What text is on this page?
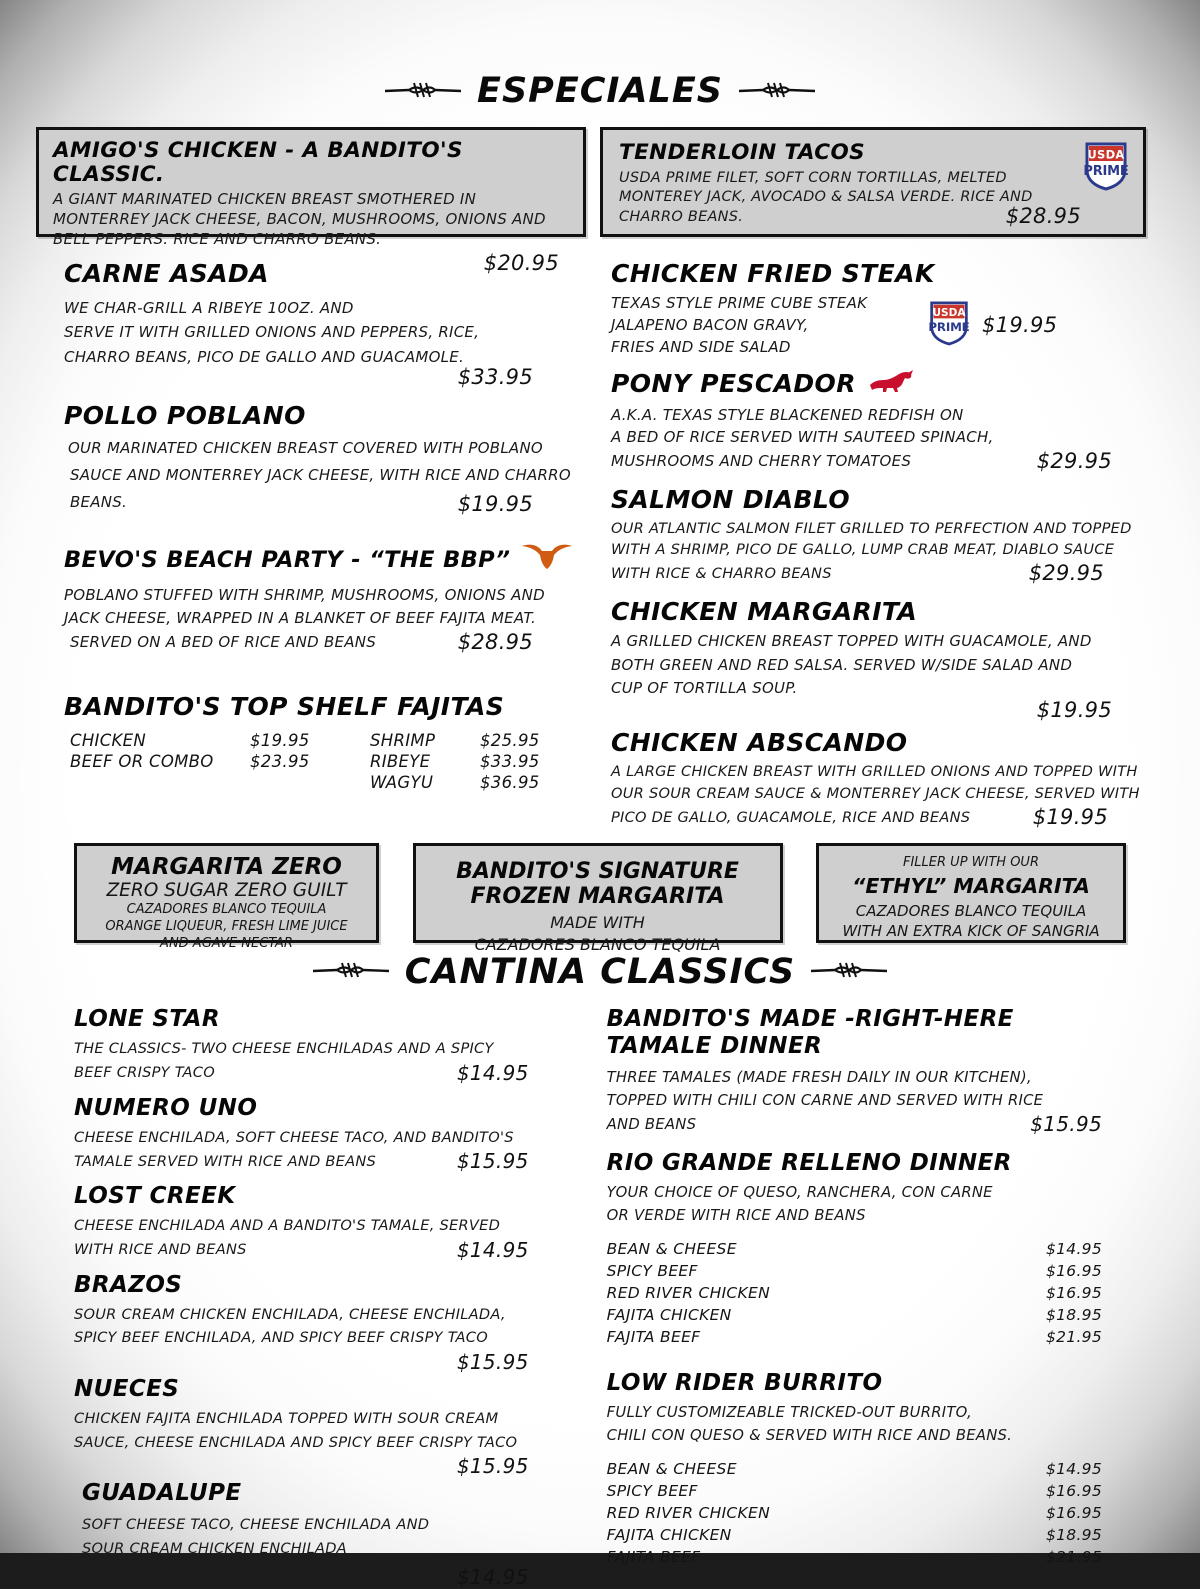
ESPECIALES
AMIGO'S CHICKEN - A BANDITO'S CLASSIC.
A GIANT MARINATED CHICKEN BREAST SMOTHERED IN MONTERREY JACK CHEESE, BACON, MUSHROOMS, ONIONS AND BELL PEPPERS. RICE AND CHARRO BEANS.
$20.95
TENDERLOIN TACOS
USDA PRIME FILET, SOFT CORN TORTILLAS, MELTED MONTEREY JACK, AVOCADO & SALSA VERDE. RICE AND CHARRO BEANS.	$28.95
USDA
PRIME
CARNE ASADA
WE CHAR-GRILL A RIBEYE 10OZ. AND
SERVE IT WITH GRILLED ONIONS AND PEPPERS, RICE,
CHARRO BEANS, PICO DE GALLO AND GUACAMOLE.
$33.95
POLLO POBLANO
OUR MARINATED CHICKEN BREAST COVERED WITH POBLANO
SAUCE AND MONTERREY JACK CHEESE, WITH RICE AND CHARRO
BEANS.	$19.95
BEVO'S BEACH PARTY - “THE BBP”
POBLANO STUFFED WITH SHRIMP, MUSHROOMS, ONIONS AND
JACK CHEESE, WRAPPED IN A BLANKET OF BEEF FAJITA MEAT.
SERVED ON A BED OF RICE AND BEANS	$28.95
BANDITO'S TOP SHELF FAJITAS
CHICKEN	$19.95	SHRIMP	$25.95
BEEF OR COMBO	$23.95	RIBEYE	$33.95
WAGYU	$36.95
CHICKEN FRIED STEAK
TEXAS STYLE PRIME CUBE STEAK
JALAPENO BACON GRAVY,
FRIES AND SIDE SALAD
USDA
PRIME $19.95
PONY PESCADOR
A.K.A. TEXAS STYLE BLACKENED REDFISH ON
A BED OF RICE SERVED WITH SAUTEED SPINACH,
MUSHROOMS AND CHERRY TOMATOES	$29.95
SALMON DIABLO
OUR ATLANTIC SALMON FILET GRILLED TO PERFECTION AND TOPPED
WITH A SHRIMP, PICO DE GALLO, LUMP CRAB MEAT, DIABLO SAUCE
WITH RICE & CHARRO BEANS	$29.95
CHICKEN MARGARITA
A GRILLED CHICKEN BREAST TOPPED WITH GUACAMOLE, AND
BOTH GREEN AND RED SALSA. SERVED W/SIDE SALAD AND
CUP OF TORTILLA SOUP.
$19.95
CHICKEN ABSCANDO
A LARGE CHICKEN BREAST WITH GRILLED ONIONS AND TOPPED WITH
OUR SOUR CREAM SAUCE & MONTERREY JACK CHEESE, SERVED WITH
PICO DE GALLO, GUACAMOLE, RICE AND BEANS	$19.95
MARGARITA ZERO
ZERO SUGAR ZERO GUILT
CAZADORES BLANCO TEQUILA
ORANGE LIQUEUR, FRESH LIME JUICE
AND AGAVE NECTAR
BANDITO'S SIGNATURE
FROZEN MARGARITA
MADE WITH
CAZADORES BLANCO TEQUILA
FILLER UP WITH OUR
“ETHYL” MARGARITA
CAZADORES BLANCO TEQUILA
WITH AN EXTRA KICK OF SANGRIA
CANTINA CLASSICS
LONE STAR
THE CLASSICS- TWO CHEESE ENCHILADAS AND A SPICY
BEEF CRISPY TACO	$14.95
NUMERO UNO
CHEESE ENCHILADA, SOFT CHEESE TACO, AND BANDITO'S
TAMALE SERVED WITH RICE AND BEANS	$15.95
LOST CREEK
CHEESE ENCHILADA AND A BANDITO'S TAMALE, SERVED
WITH RICE AND BEANS	$14.95
BRAZOS
SOUR CREAM CHICKEN ENCHILADA, CHEESE ENCHILADA,
SPICY BEEF ENCHILADA, AND SPICY BEEF CRISPY TACO
$15.95
NUECES
CHICKEN FAJITA ENCHILADA TOPPED WITH SOUR CREAM
SAUCE, CHEESE ENCHILADA AND SPICY BEEF CRISPY TACO
$15.95
GUADALUPE
SOFT CHEESE TACO, CHEESE ENCHILADA AND
SOUR CREAM CHICKEN ENCHILADA
$14.95
BANDITO'S MADE -RIGHT-HERE
TAMALE DINNER
THREE TAMALES (MADE FRESH DAILY IN OUR KITCHEN),
TOPPED WITH CHILI CON CARNE AND SERVED WITH RICE
AND BEANS	$15.95
RIO GRANDE RELLENO DINNER
YOUR CHOICE OF QUESO, RANCHERA, CON CARNE
OR VERDE WITH RICE AND BEANS
BEAN & CHEESE	$14.95
SPICY BEEF	$16.95
RED RIVER CHICKEN	$16.95
FAJITA CHICKEN	$18.95
FAJITA BEEF	$21.95
LOW RIDER BURRITO
FULLY CUSTOMIZEABLE TRICKED-OUT BURRITO,
CHILI CON QUESO & SERVED WITH RICE AND BEANS.
BEAN & CHEESE	$14.95
SPICY BEEF	$16.95
RED RIVER CHICKEN	$16.95
FAJITA CHICKEN	$18.95
FAJITA BEEF	$21.95
